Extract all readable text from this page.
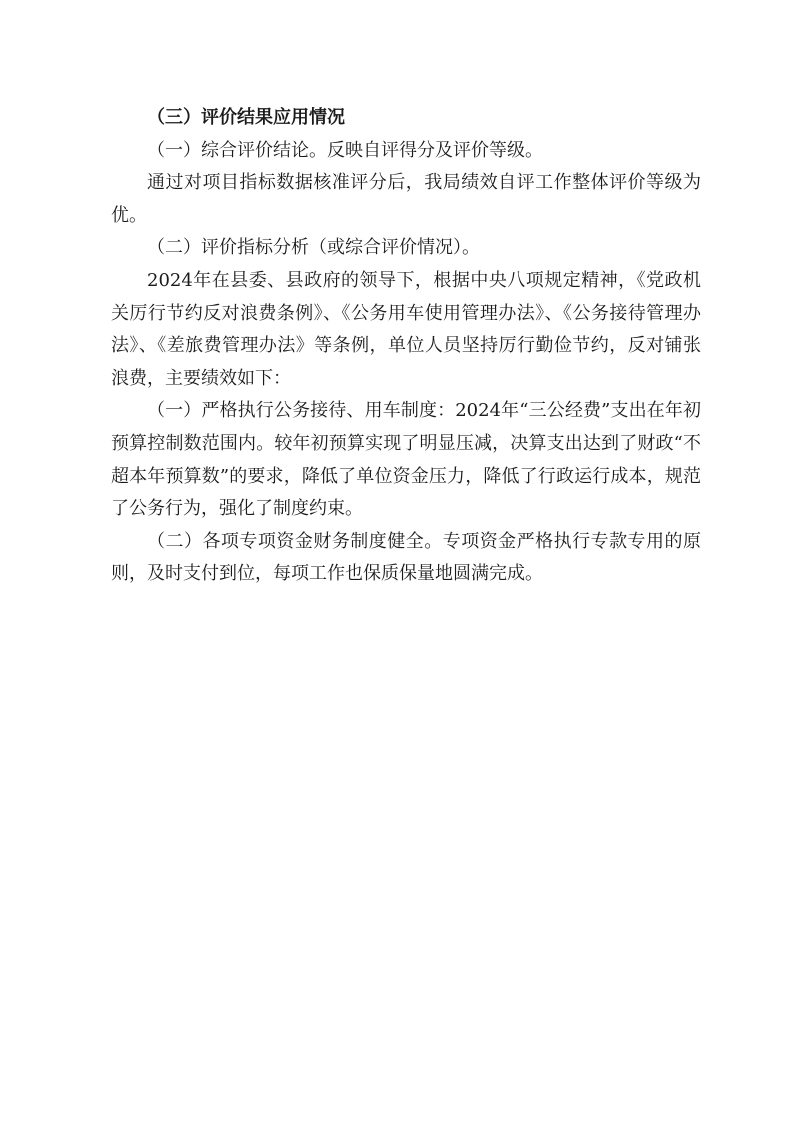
（三）评价结果应用情况

（一）综合评价结论。反映自评得分及评价等级。

通过对项目指标数据核准评分后，我局绩效自评工作整体评价等级为优。

（二）评价指标分析（或综合评价情况）。

2024年在县委、县政府的领导下，根据中央八项规定精神，《党政机关厉行节约反对浪费条例》、《公务用车使用管理办法》、《公务接待管理办法》、《差旅费管理办法》等条例，单位人员坚持厉行勤俭节约，反对铺张浪费，主要绩效如下：

（一）严格执行公务接待、用车制度：2024年“三公经费”支出在年初预算控制数范围内。较年初预算实现了明显压减，决算支出达到了财政“不超本年预算数”的要求，降低了单位资金压力，降低了行政运行成本，规范了公务行为，强化了制度约束。

（二）各项专项资金财务制度健全。专项资金严格执行专款专用的原则，及时支付到位，每项工作也保质保量地圆满完成。
